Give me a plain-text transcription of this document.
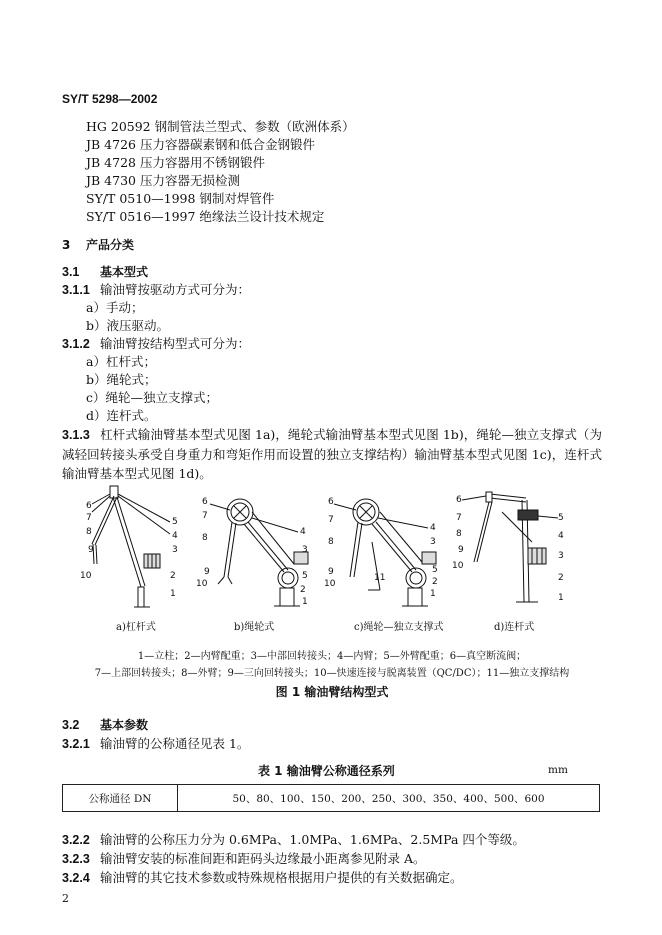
SY/T 5298—2002
HG 20592 钢制管法兰型式、参数（欧洲体系）
JB 4726 压力容器碳素钢和低合金钢锻件
JB 4728 压力容器用不锈钢锻件
JB 4730 压力容器无损检测
SY/T 0510—1998 钢制对焊管件
SY/T 0516—1997 绝缘法兰设计技术规定
3 产品分类
3.1 基本型式
3.1.1 输油臂按驱动方式可分为：
a）手动；
b）液压驱动。
3.1.2 输油臂按结构型式可分为：
a）杠杆式；
b）绳轮式；
c）绳轮—独立支撑式；
d）连杆式。
3.1.3 杠杆式输油臂基本型式见图 1a)，绳轮式输油臂基本型式见图 1b)，绳轮—独立支撑式（为减轻回转接头承受自身重力和弯矩作用而设置的独立支撑结构）输油臂基本型式见图 1c)，连杆式输油臂基本型式见图 1d)。
6
7
8
9
10
5
4
3
2
1
6
7
8
9
10
4
3
5
2
1
6
7
8
9
10
11
4
3
5
2
1
6
7
8
9
10
5
4
3
2
1
a)杠杆式	b)绳轮式	c)绳轮—独立支撑式	d)连杆式
1—立柱；2—内臂配重；3—中部回转接头；4—内臂；5—外臂配重；6—真空断流阀；
7—上部回转接头；8—外臂；9—三向回转接头；10—快速连接与脱离装置（QC/DC）；11—独立支撑结构
图 1 输油臂结构型式
3.2 基本参数
3.2.1 输油臂的公称通径见表 1。
表 1 输油臂公称通径系列	mm
公称通径 DN	50、80、100、150、200、250、300、350、400、500、600
3.2.2 输油臂的公称压力分为 0.6MPa、1.0MPa、1.6MPa、2.5MPa 四个等级。
3.2.3 输油臂安装的标准间距和距码头边缘最小距离参见附录 A。
3.2.4 输油臂的其它技术参数或特殊规格根据用户提供的有关数据确定。
2
